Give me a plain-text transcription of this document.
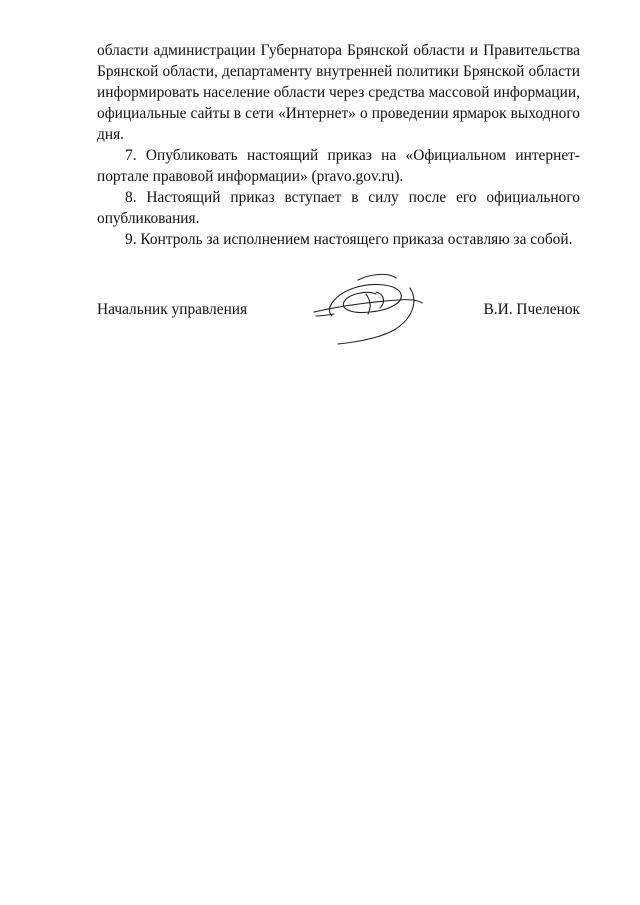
области администрации Губернатора Брянской области и Правительства Брянской области, департаменту внутренней политики Брянской области информировать население области через средства массовой информации, официальные сайты в сети «Интернет» о проведении ярмарок выходного дня.

7. Опубликовать настоящий приказ на «Официальном интернет-портале правовой информации» (pravo.gov.ru).

8. Настоящий приказ вступает в силу после его официального опубликования.

9. Контроль за исполнением настоящего приказа оставляю за собой.

Начальник управления	В.И. Пчеленок
